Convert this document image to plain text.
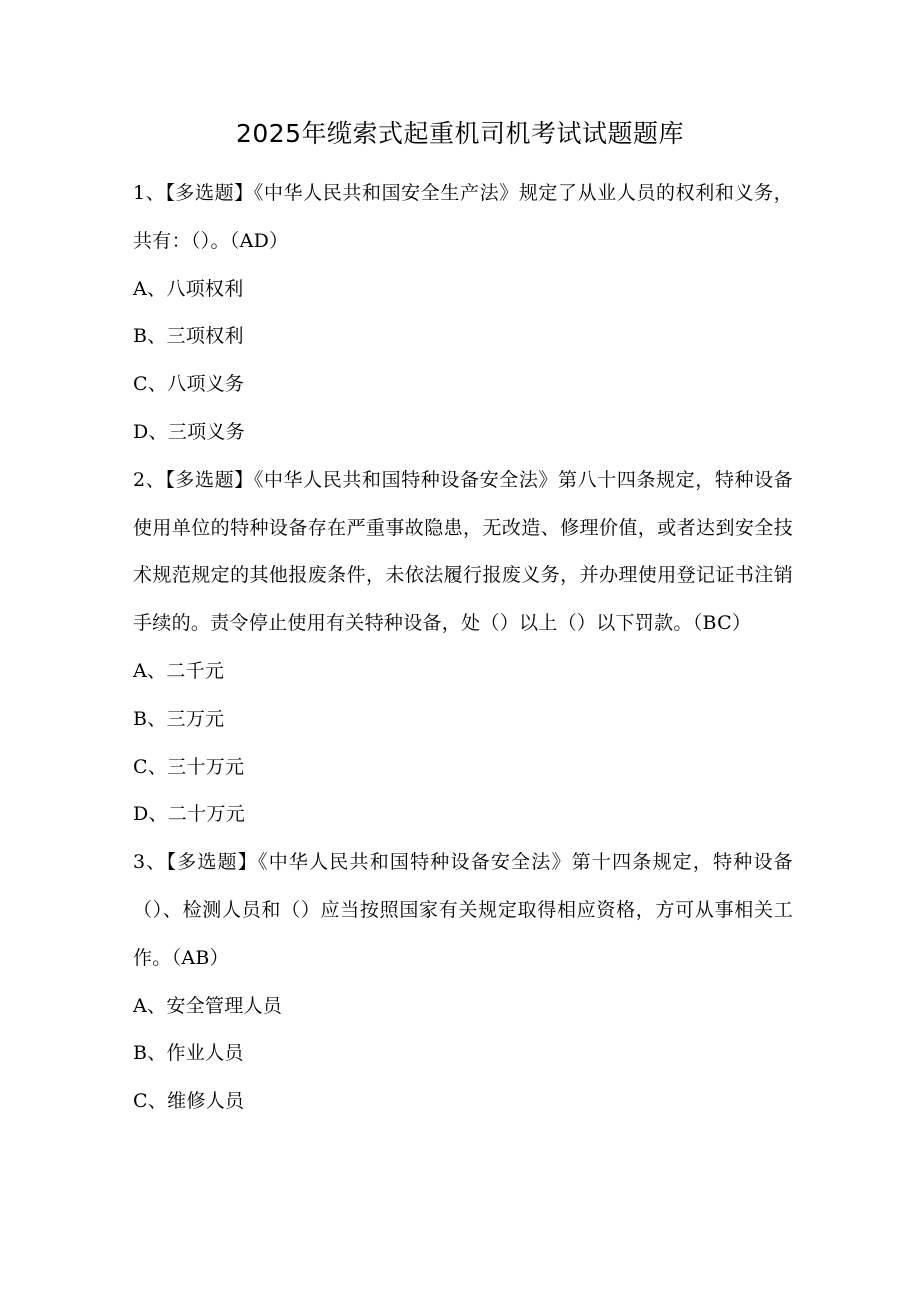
2025年缆索式起重机司机考试试题题库

1、【多选题】《中华人民共和国安全生产法》规定了从业人员的权利和义务，共有：（）。（AD）

A、八项权利

B、三项权利

C、八项义务

D、三项义务

2、【多选题】《中华人民共和国特种设备安全法》第八十四条规定，特种设备使用单位的特种设备存在严重事故隐患，无改造、修理价值，或者达到安全技术规范规定的其他报废条件，未依法履行报废义务，并办理使用登记证书注销手续的。责令停止使用有关特种设备，处（）以上（）以下罚款。（BC）

A、二千元

B、三万元

C、三十万元

D、二十万元

3、【多选题】《中华人民共和国特种设备安全法》第十四条规定，特种设备（）、检测人员和（）应当按照国家有关规定取得相应资格，方可从事相关工作。（AB）

A、安全管理人员

B、作业人员

C、维修人员
